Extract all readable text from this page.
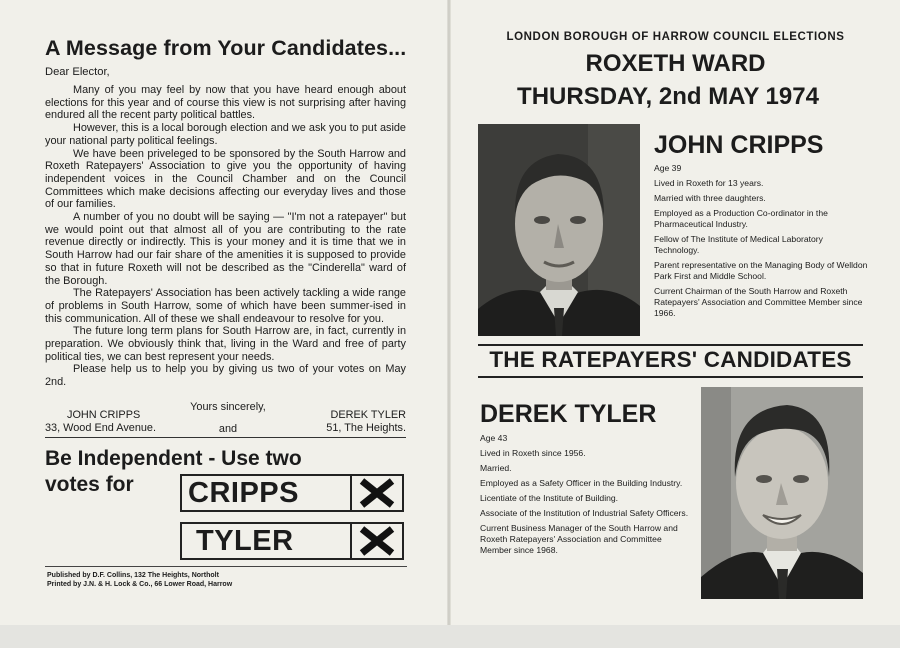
A Message from Your Candidates...
Dear Elector,

Many of you may feel by now that you have heard enough about elections for this year and of course this view is not surprising after having endured all the recent party political battles.

However, this is a local borough election and we ask you to put aside your national party political feelings.

We have been priveleged to be sponsored by the South Harrow and Roxeth Ratepayers' Association to give you the opportunity of having independent voices in the Council Chamber and on the Council Committees which make decisions affecting our everyday lives and those of our families.

A number of you no doubt will be saying — "I'm not a ratepayer" but we would point out that almost all of you are contributing to the rate revenue directly or indirectly. This is your money and it is time that we in South Harrow had our fair share of the amenities it is supposed to provide so that in future Roxeth will not be described as the "Cinderella" ward of the Borough.

The Ratepayers' Association has been actively tackling a wide range of problems in South Harrow, some of which have been summer-ised in this communication. All of these we shall endeavour to resolve for you.

The future long term plans for South Harrow are, in fact, currently in preparation. We obviously think that, living in the Ward and free of party political ties, we can best represent your needs.

Please help us to help you by giving us two of your votes on May 2nd.

JOHN CRIPPS
33, Wood End Avenue.
Yours sincerely,
and
DEREK TYLER
51, The Heights.
Be Independent - Use two
votes for	CRIPPS
TYLER
Published by D.F. Collins, 132 The Heights, Northolt
Printed by J.N. & H. Lock & Co., 66 Lower Road, Harrow
LONDON BOROUGH OF HARROW COUNCIL ELECTIONS
ROXETH WARD
THURSDAY, 2nd MAY 1974
JOHN CRIPPS
Age 39
Lived in Roxeth for 13 years.
Married with three daughters.
Employed as a Production Co-ordinator in the Pharmaceutical Industry.
Fellow of The Institute of Medical Laboratory Technology.
Parent representative on the Managing Body of Welldon Park First and Middle School.
Current Chairman of the South Harrow and Roxeth Ratepayers' Association and Committee Member since 1966.
THE RATEPAYERS' CANDIDATES
DEREK TYLER
Age 43
Lived in Roxeth since 1956.
Married.
Employed as a Safety Officer in the Building Industry.
Licentiate of the Institute of Building.
Associate of the Institution of Industrial Safety Officers.
Current Business Manager of the South Harrow and Roxeth Ratepayers' Association and Committee Member since 1968.
